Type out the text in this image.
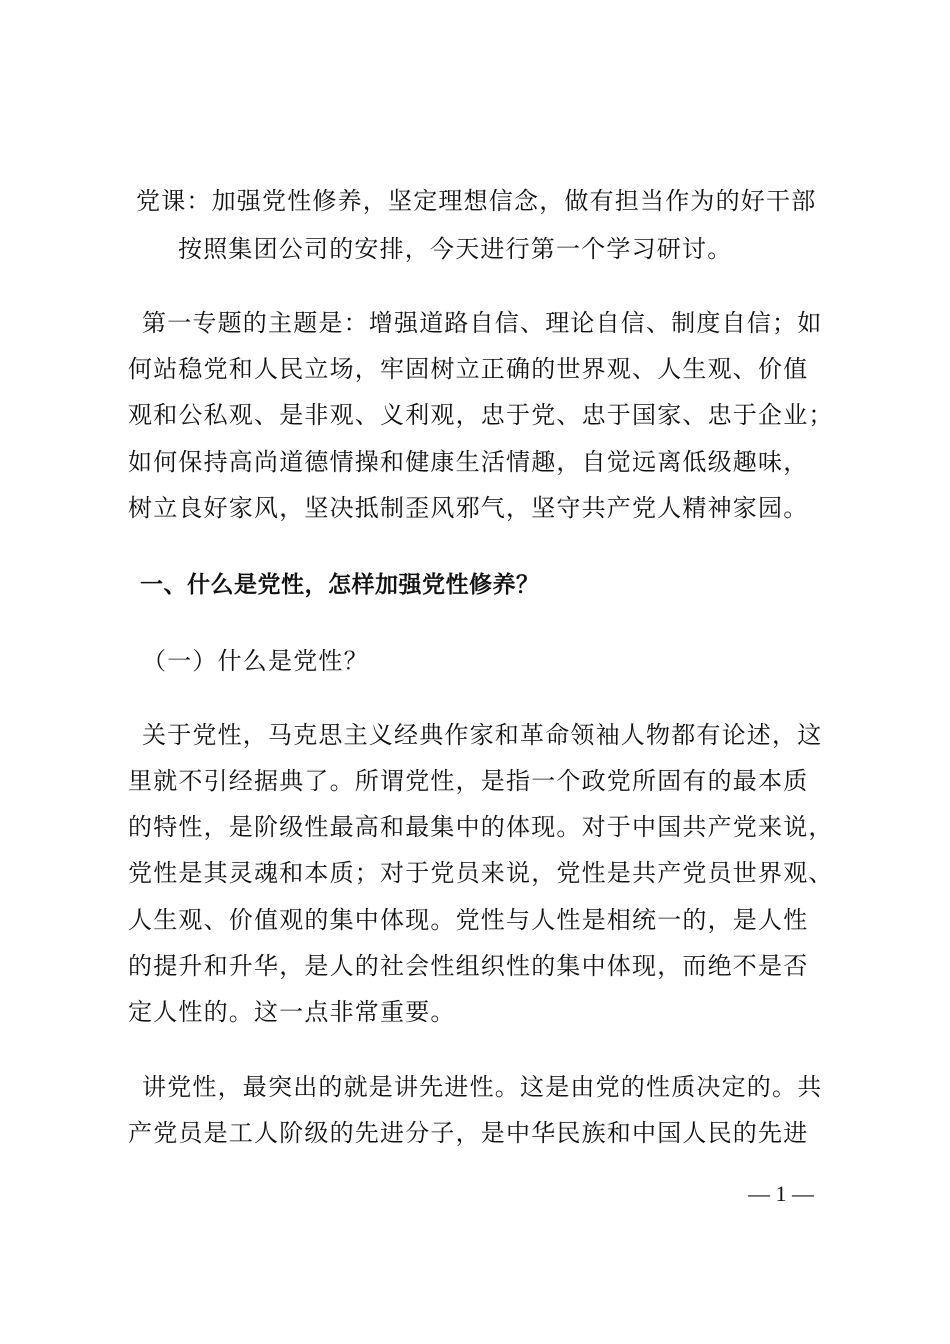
党课：加强党性修养，坚定理想信念，做有担当作为的好干部
按照集团公司的安排，今天进行第一个学习研讨。
第一专题的主题是：增强道路自信、理论自信、制度自信；如
何站稳党和人民立场，牢固树立正确的世界观、人生观、价值
观和公私观、是非观、义利观，忠于党、忠于国家、忠于企业；
如何保持高尚道德情操和健康生活情趣，自觉远离低级趣味，
树立良好家风，坚决抵制歪风邪气，坚守共产党人精神家园。
一、什么是党性，怎样加强党性修养？
（一）什么是党性？
关于党性，马克思主义经典作家和革命领袖人物都有论述，这
里就不引经据典了。所谓党性，是指一个政党所固有的最本质
的特性，是阶级性最高和最集中的体现。对于中国共产党来说，
党性是其灵魂和本质；对于党员来说，党性是共产党员世界观、
人生观、价值观的集中体现。党性与人性是相统一的，是人性
的提升和升华，是人的社会性组织性的集中体现，而绝不是否
定人性的。这一点非常重要。
讲党性，最突出的就是讲先进性。这是由党的性质决定的。共
产党员是工人阶级的先进分子，是中华民族和中国人民的先进
— 1 —
